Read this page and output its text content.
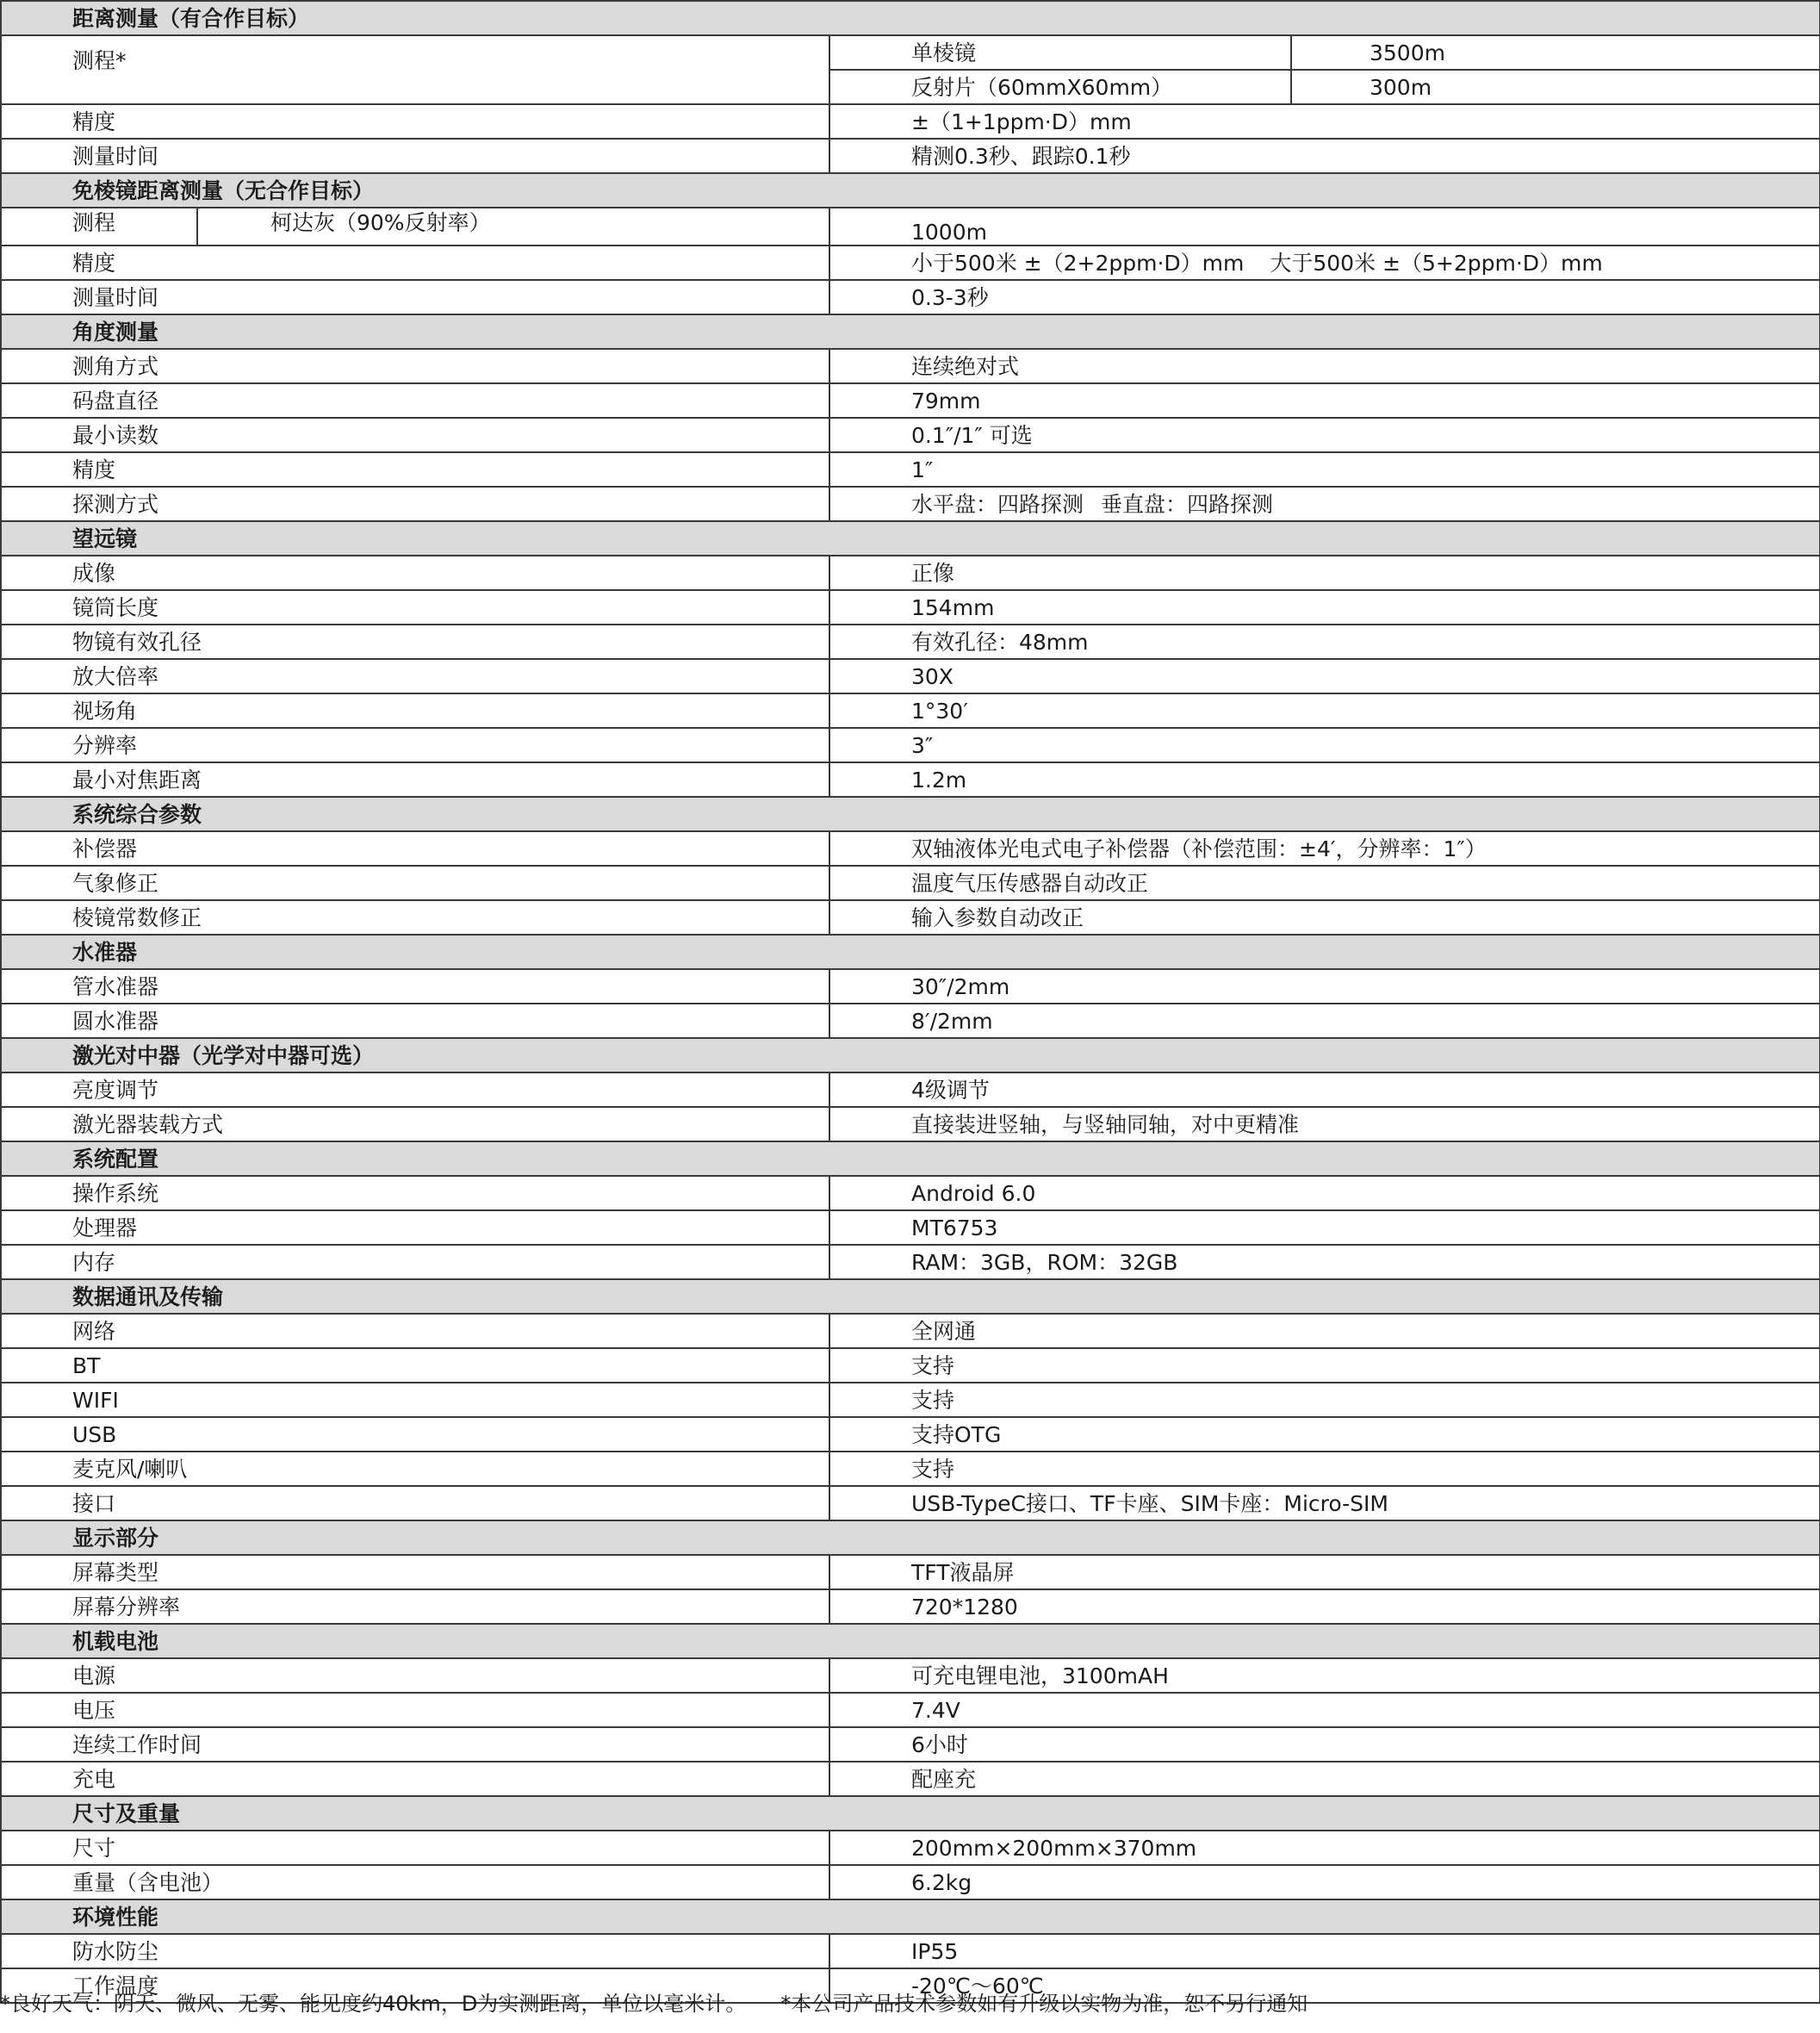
距离测量（有合作目标）			
测程*		单棱镜	3500m
		反射片（60mmX60mm）	300m
精度		±（1+1ppm·D）mm	
测量时间		精测0.3秒、跟踪0.1秒	
免棱镜距离测量（无合作目标）			
测程	柯达灰（90%反射率）	1000m	
精度		小于500米 ±（2+2ppm·D）mm 大于500米 ±（5+2ppm·D）mm	
测量时间		0.3-3秒	
角度测量			
测角方式		连续绝对式	
码盘直径		79mm	
最小读数		0.1″/1″ 可选	
精度		1″	
探测方式		水平盘：四路探测 垂直盘：四路探测	
望远镜			
成像		正像	
镜筒长度		154mm	
物镜有效孔径		有效孔径：48mm	
放大倍率		30X	
视场角		1°30′	
分辨率		3″	
最小对焦距离		1.2m	
系统综合参数			
补偿器		双轴液体光电式电子补偿器（补偿范围：±4′，分辨率：1″）	
气象修正		温度气压传感器自动改正	
棱镜常数修正		输入参数自动改正	
水准器			
管水准器		30″/2mm	
圆水准器		8′/2mm	
激光对中器（光学对中器可选）			
亮度调节		4级调节	
激光器装载方式		直接装进竖轴，与竖轴同轴，对中更精准	
系统配置			
操作系统		Android 6.0	
处理器		MT6753	
内存		RAM：3GB，ROM：32GB	
数据通讯及传输			
网络		全网通	
BT		支持	
WIFI		支持	
USB		支持OTG	
麦克风/喇叭		支持	
接口		USB-TypeC接口、TF卡座、SIM卡座：Micro-SIM	
显示部分			
屏幕类型		TFT液晶屏	
屏幕分辨率		720*1280	
机载电池			
电源		可充电锂电池，3100mAH	
电压		7.4V	
连续工作时间		6小时	
充电		配座充	
尺寸及重量			
尺寸		200mm×200mm×370mm	
重量（含电池）		6.2kg	
环境性能			
防水防尘		IP55	
工作温度		-20℃～60℃	
*良好天气：阴天、微风、无雾、能见度约40km，D为实测距离，单位以毫米计。 *本公司产品技术参数如有升级以实物为准，恕不另行通知
